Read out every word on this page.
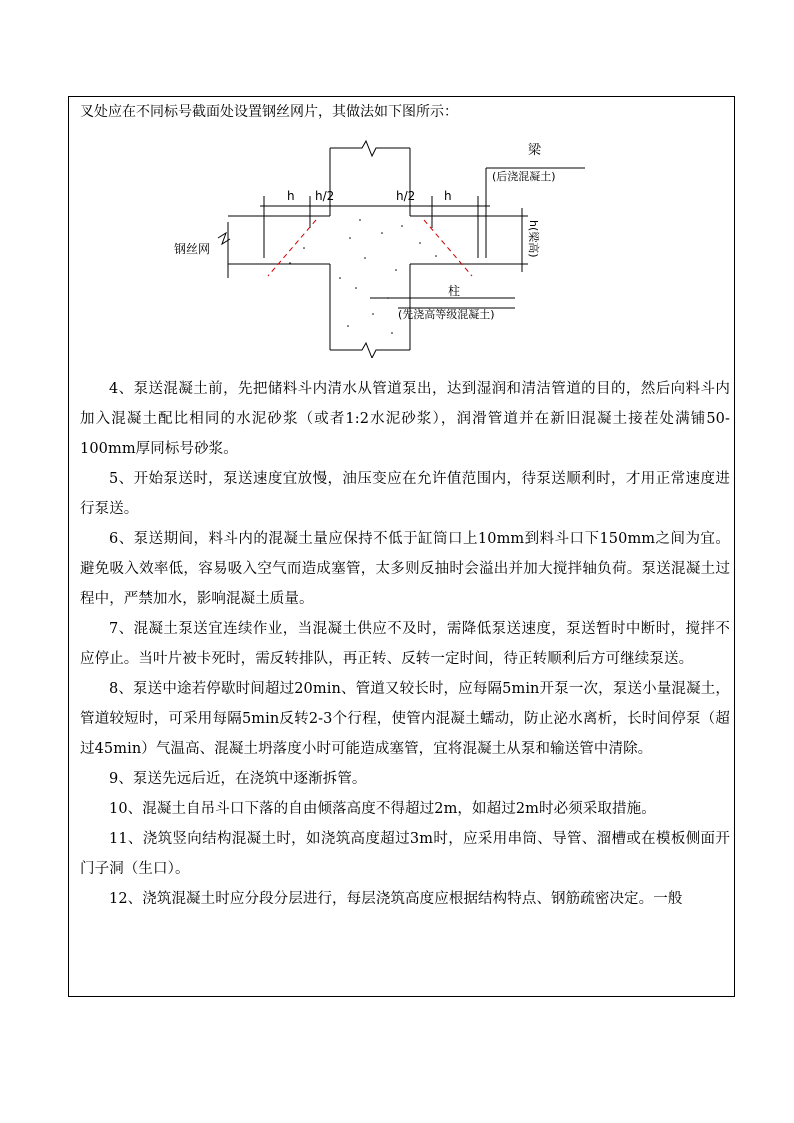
叉处应在不同标号截面处设置钢丝网片，其做法如下图所示：
梁
(后浇混凝土)
h h/2	h/2 h
h(梁高)
钢丝网
柱
(先浇高等级混凝土)

4、泵送混凝土前，先把储料斗内清水从管道泵出，达到湿润和清洁管道的目的，然后向料斗内加入混凝土配比相同的水泥砂浆（或者1:2水泥砂浆），润滑管道并在新旧混凝土接茬处满铺50-100mm厚同标号砂浆。

5、开始泵送时，泵送速度宜放慢，油压变应在允许值范围内，待泵送顺利时，才用正常速度进行泵送。

6、泵送期间，料斗内的混凝土量应保持不低于缸筒口上10mm到料斗口下150mm之间为宜。避免吸入效率低，容易吸入空气而造成塞管，太多则反抽时会溢出并加大搅拌轴负荷。泵送混凝土过程中，严禁加水，影响混凝土质量。

7、混凝土泵送宜连续作业，当混凝土供应不及时，需降低泵送速度，泵送暂时中断时，搅拌不应停止。当叶片被卡死时，需反转排队，再正转、反转一定时间，待正转顺利后方可继续泵送。

8、泵送中途若停歇时间超过20min、管道又较长时，应每隔5min开泵一次，泵送小量混凝土，管道较短时，可采用每隔5min反转2-3个行程，使管内混凝土蠕动，防止泌水离析，长时间停泵（超过45min）气温高、混凝土坍落度小时可能造成塞管，宜将混凝土从泵和输送管中清除。

9、泵送先远后近，在浇筑中逐渐拆管。

10、混凝土自吊斗口下落的自由倾落高度不得超过2m，如超过2m时必须采取措施。

11、浇筑竖向结构混凝土时，如浇筑高度超过3m时，应采用串筒、导管、溜槽或在模板侧面开门子洞（生口）。

12、浇筑混凝土时应分段分层进行，每层浇筑高度应根据结构特点、钢筋疏密决定。一般
